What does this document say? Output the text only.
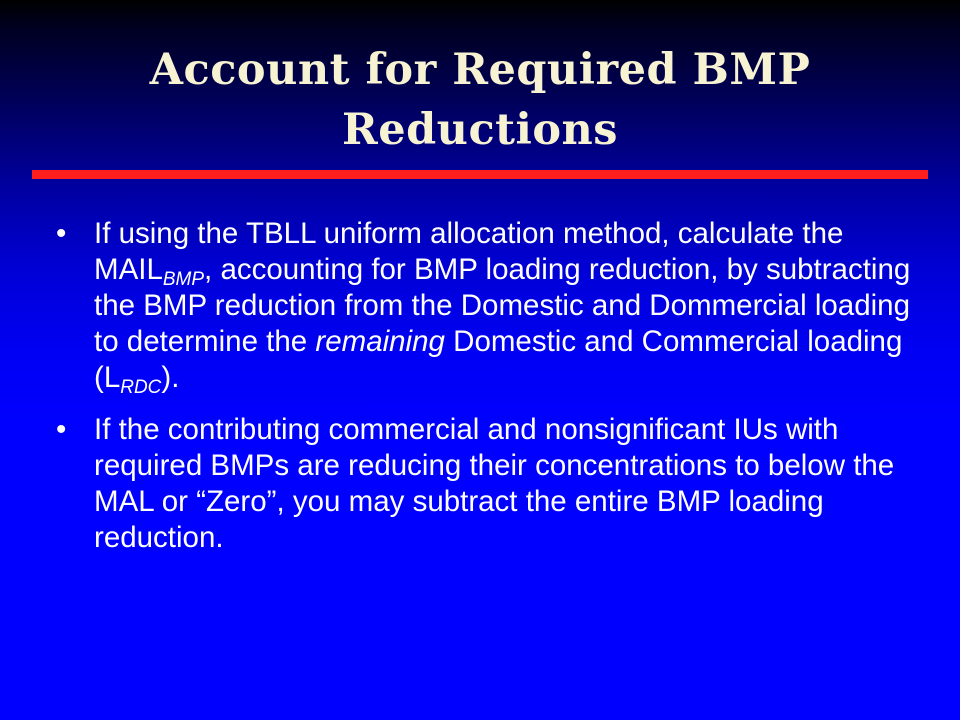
Account for Required BMP
Reductions
• If using the TBLL uniform allocation method, calculate the $MAIL_{BMP}$, accounting for BMP loading reduction, by subtracting the BMP reduction from the Domestic and Dommercial loading to determine the remaining Domestic and Commercial loading $(L_{RDC})$.
• If the contributing commercial and nonsignificant IUs with required BMPs are reducing their concentrations to below the MAL or “Zero”, you may subtract the entire BMP loading reduction.
